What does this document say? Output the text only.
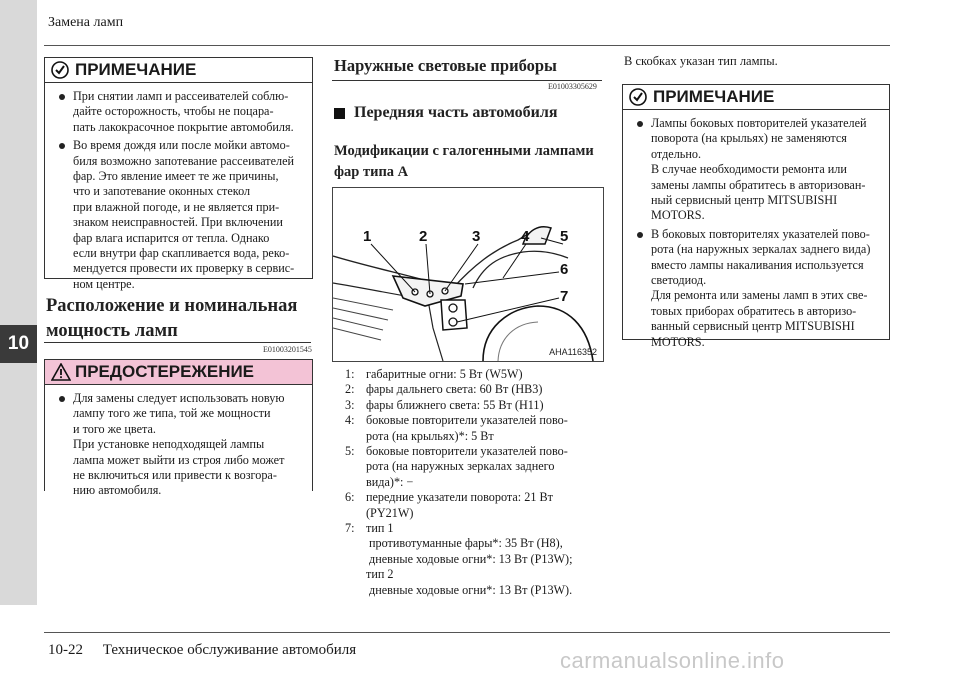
10
Замена ламп
10-22 Техническое обслуживание автомобиля
ПРИМЕЧАНИЕ
При снятии ламп и рассеивателей соблю-
дайте осторожность, чтобы не поцара-
пать лакокрасочное покрытие автомобиля.
Во время дождя или после мойки автомо-
биля возможно запотевание рассеивателей
фар. Это явление имеет те же причины,
что и запотевание оконных стекол
при влажной погоде, и не является при-
знаком неисправностей. При включении
фар влага испарится от тепла. Однако
если внутри фар скапливается вода, реко-
мендуется провести их проверку в сервис-
ном центре.
Расположение и номинальная
мощность ламп
E01003201545
ПРЕДОСТЕРЕЖЕНИЕ
Для замены следует использовать новую
лампу того же типа, той же мощности
и того же цвета.
При установке неподходящей лампы
лампа может выйти из строя либо может
не включиться или привести к возгора-
нию автомобиля.
Наружные световые приборы
E01003305629
Передняя часть автомобиля
Модификации с галогенными лампами
фар типа А
1	2	3	4 5
6
7
AHA116352
1: габаритные огни: 5 Вт (W5W)
2: фары дальнего света: 60 Вт (HB3)
3: фары ближнего света: 55 Вт (H11)
4: боковые повторители указателей пово-
рота (на крыльях)*: 5 Вт
5: боковые повторители указателей пово-
рота (на наружных зеркалах заднего
вида)*: −
6: передние указатели поворота: 21 Вт
(PY21W)
7: тип 1
противотуманные фары*: 35 Вт (H8),
дневные ходовые огни*: 13 Вт (P13W);
тип 2
дневные ходовые огни*: 13 Вт (P13W).
В скобках указан тип лампы.
ПРИМЕЧАНИЕ
Лампы боковых повторителей указателей
поворота (на крыльях) не заменяются
отдельно.
В случае необходимости ремонта или
замены лампы обратитесь в авторизован-
ный сервисный центр MITSUBISHI
MOTORS.
В боковых повторителях указателей пово-
рота (на наружных зеркалах заднего вида)
вместо лампы накаливания используется
светодиод.
Для ремонта или замены ламп в этих све-
товых приборах обратитесь в авторизо-
ванный сервисный центр MITSUBISHI
MOTORS.
carmanualsonline.info
